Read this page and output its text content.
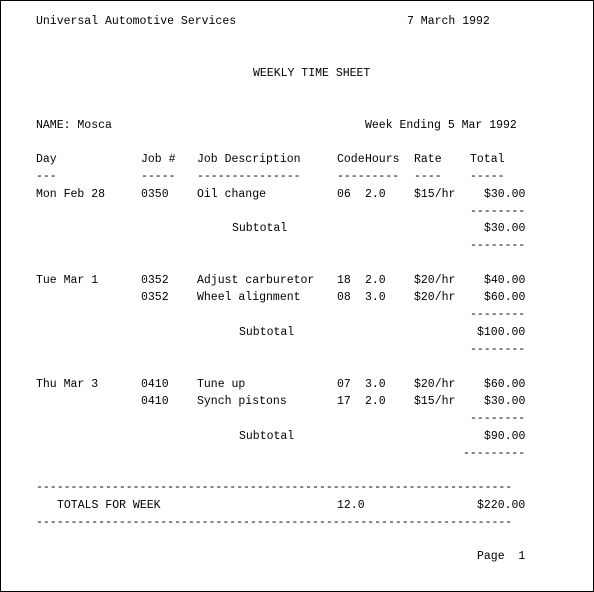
Universal Automotive Services	7 March 1992
WEEKLY TIME SHEET
NAME: Mosca	Week Ending 5 Mar 1992
Day	Job # Job Description	Code Hours Rate Total
---	----- ---------------	--------- ---- -----
Mon Feb 28	0350 Oil change	06 2.0 $15/hr $30.00
--------
Subtotal	$30.00
--------
Tue Mar 1	0352 Adjust carburetor 18 2.0 $20/hr $40.00
0352 Wheel alignment	08 3.0 $20/hr $60.00
--------
Subtotal	$100.00
--------
Thu Mar 3	0410 Tune up	07 3.0 $20/hr $60.00
0410 Synch pistons	17 2.0 $15/hr $30.00
--------
Subtotal	$90.00
---------
---------------------------------------------------------------------
TOTALS FOR WEEK	12.0	$220.00
---------------------------------------------------------------------
Page  1
